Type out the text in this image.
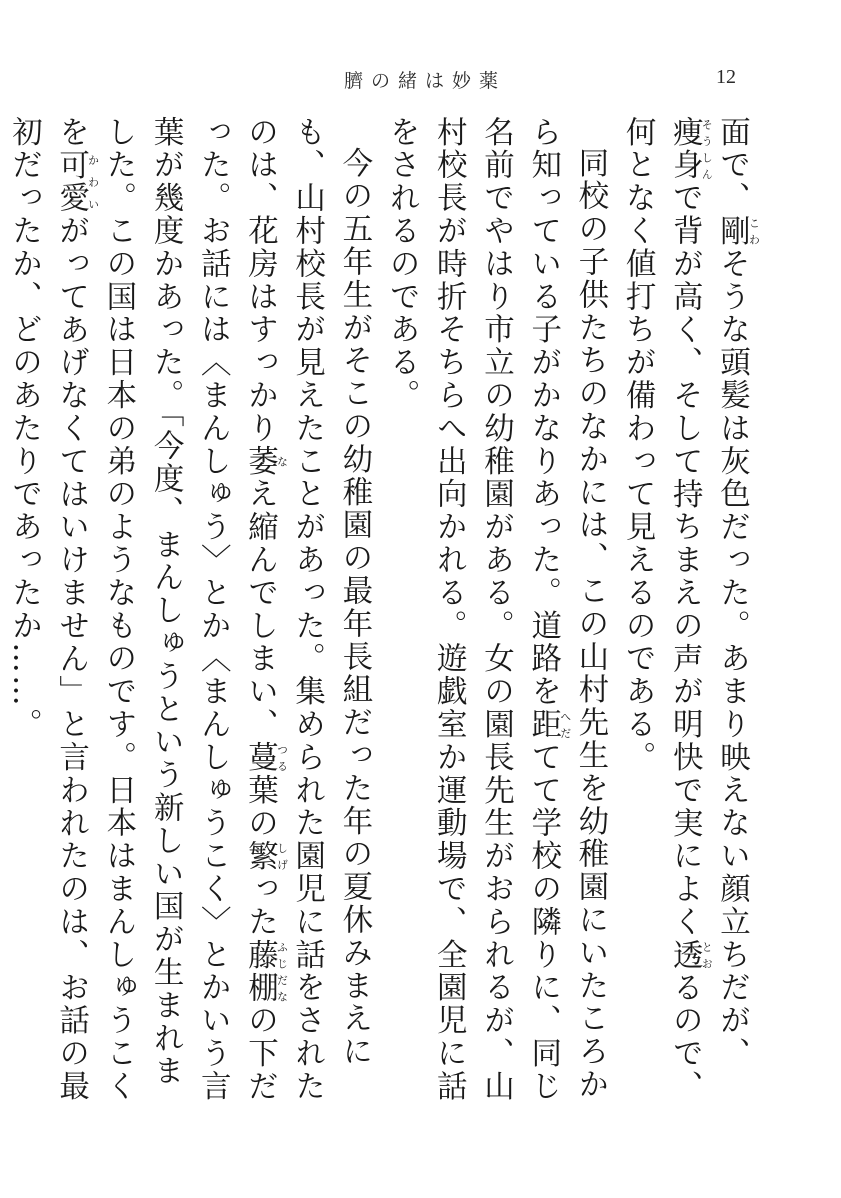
臍の緒は妙薬	12

面で、剛こわそうな頭髪は灰色だった。あまり映えない顔立ちだが、痩身そうしんで背が高く、そして持ちまえの声が明快で実によく透とおるので、何となく値打ちが備わって見えるのである。

同校の子供たちのなかには、この山村先生を幼稚園にいたころから知っている子がかなりあった。道路を距へだてて学校の隣りに、同じ名前でやはり市立の幼稚園がある。女の園長先生がおられるが、山村校長が時折そちらへ出向かれる。遊戯室か運動場で、全園児に話をされるのである。

今の五年生がそこの幼稚園の最年長組だった年の夏休みまえにも、山村校長が見えたことがあった。集められた園児に話をされたのは、花房はすっかり萎なえ縮んでしまい、蔓つる葉の繁しげった藤棚ふじだなの下だった。お話には〈まんしゅう〉とか〈まんしゅうこく〉とかいう言葉が幾度かあった。「今度、まんしゅうという新しい国が生まれました。この国は日本の弟のようなものです。日本はまんしゅうこくを可愛かわいがってあげなくてはいけません」と言われたのは、お話の最初だったか、どのあたりであったか……。
